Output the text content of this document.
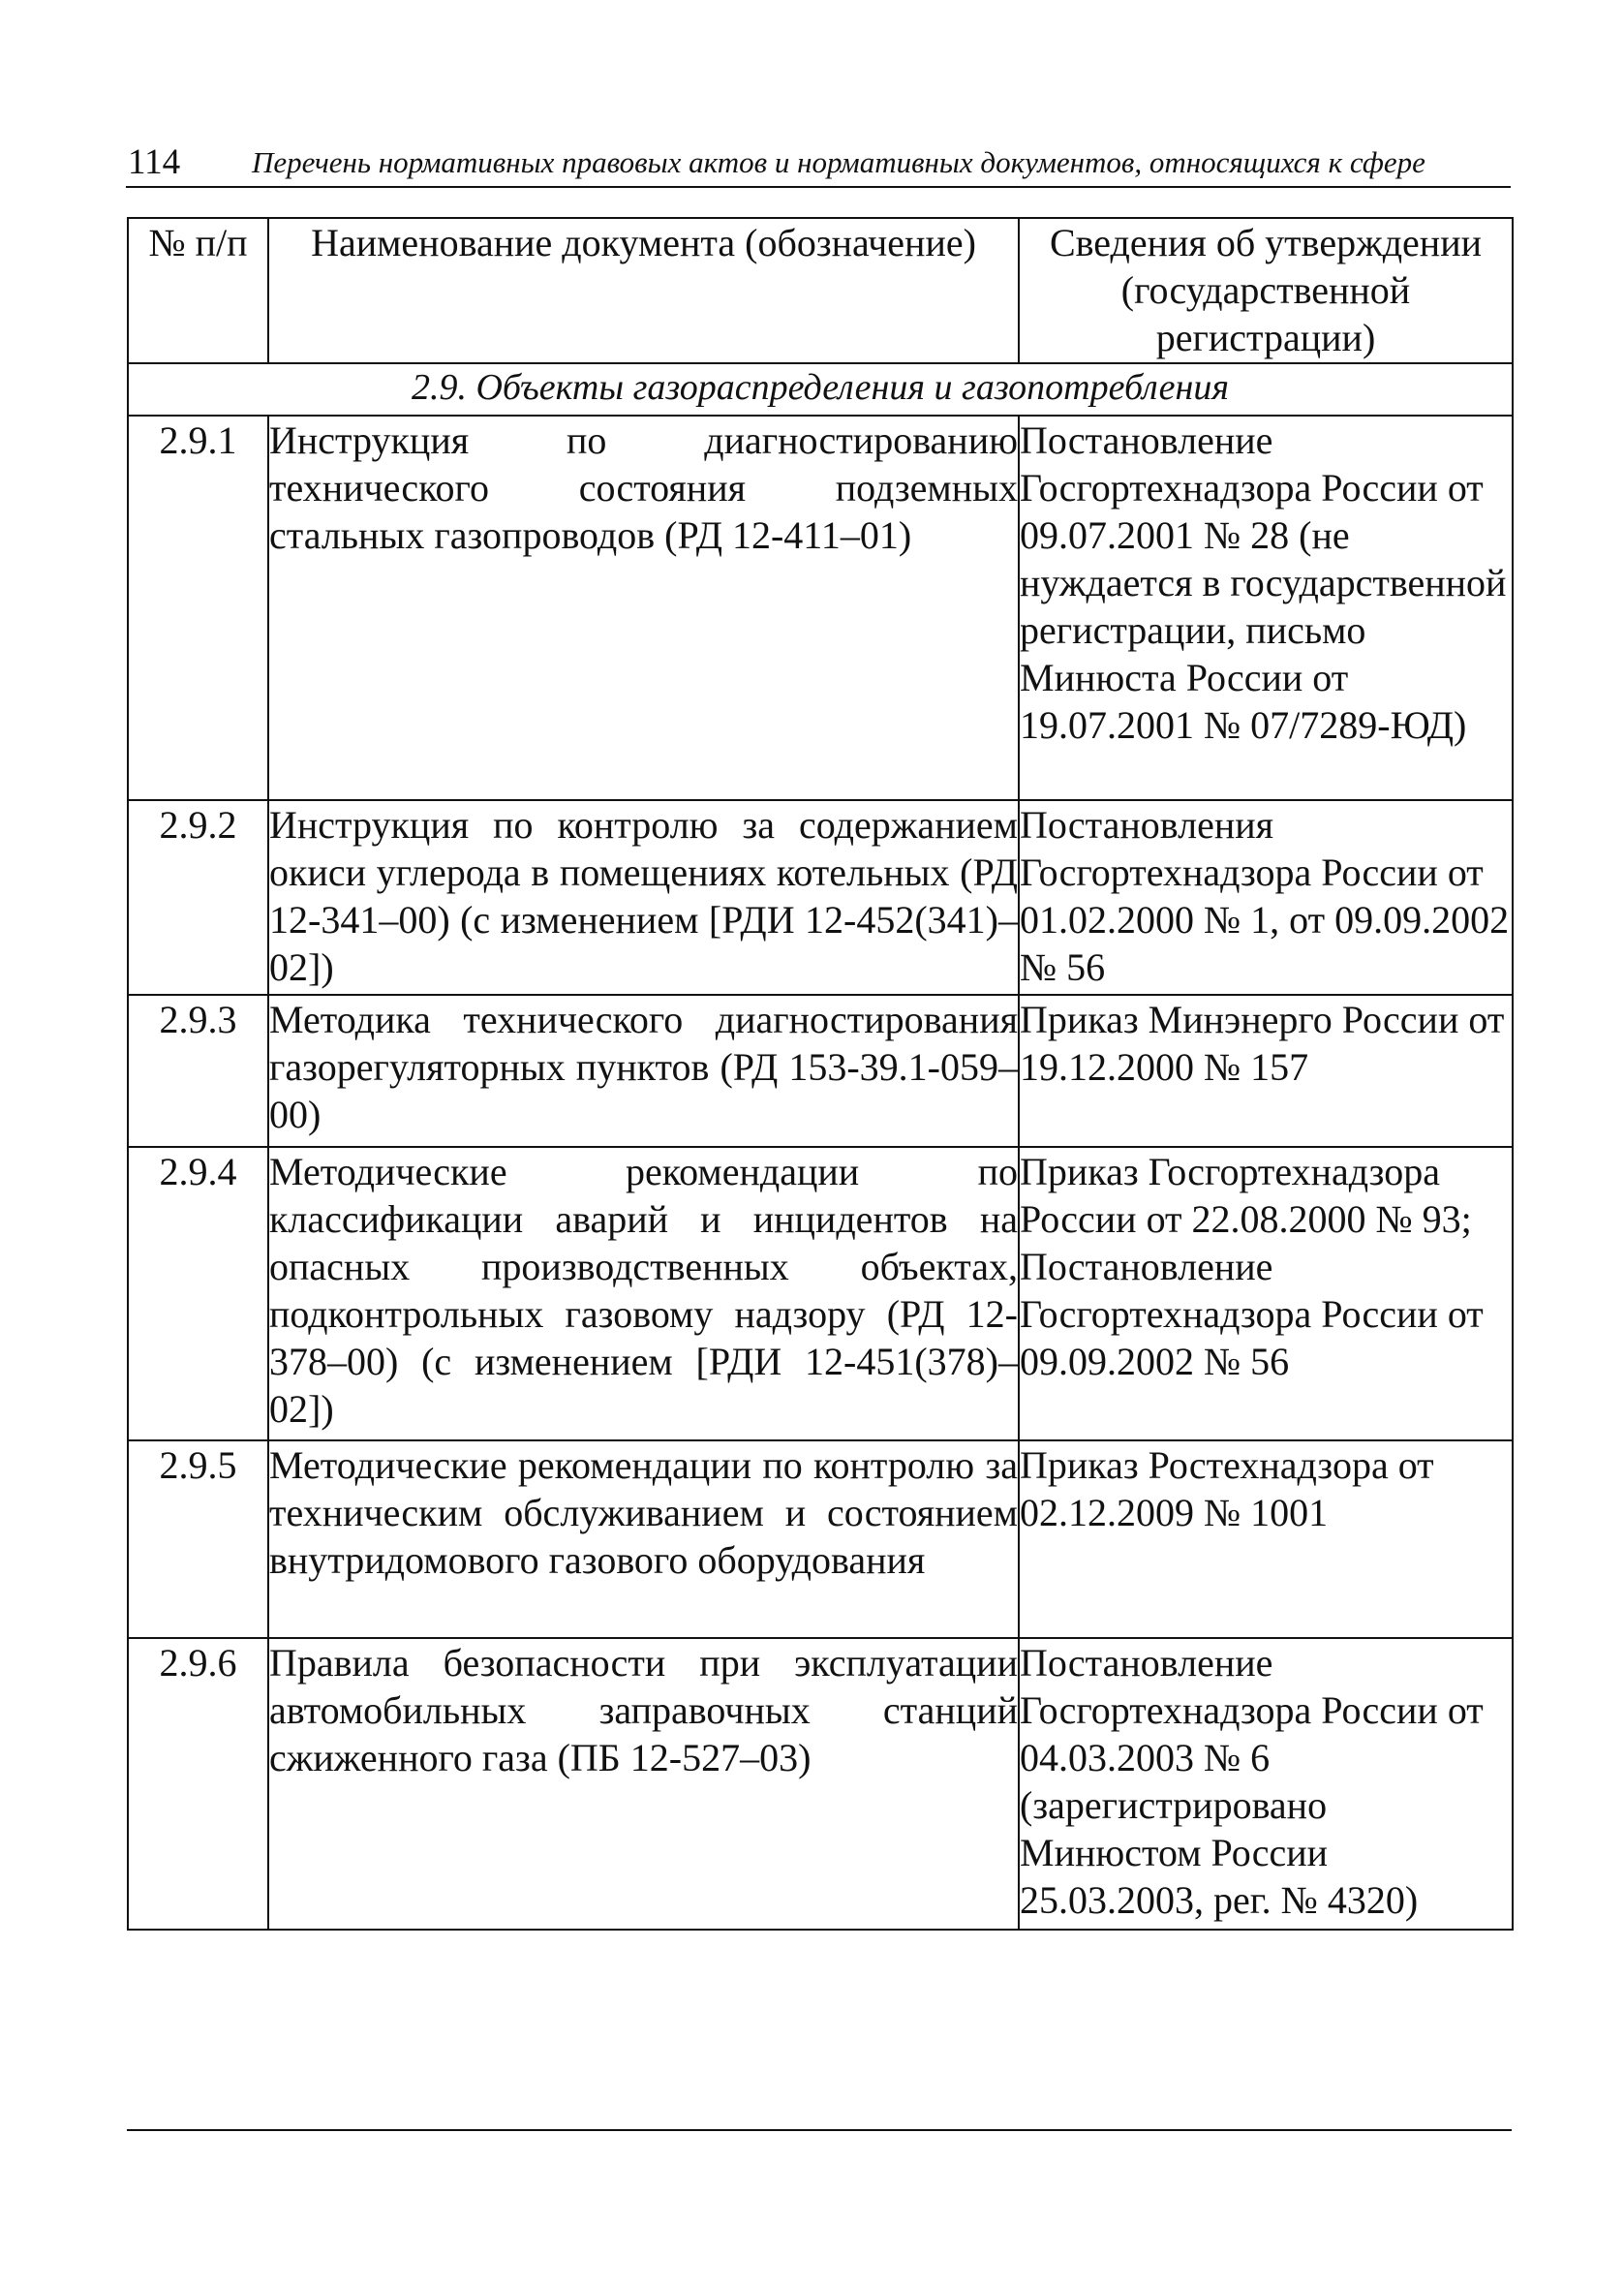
114 Перечень нормативных правовых актов и нормативных документов, относящихся к сфере
№ п/п	Наименование документа (обозначение)	Сведения об утверждении (государственной регистрации)
2.9. Объекты газораспределения и газопотребления		
2.9.1	Инструкция по диагностированию технического состояния подземных стальных газопроводов (РД 12-411–01)	Постановление Госгортехнадзора России от 09.07.2001 № 28 (не нуждается в государственной регистрации, письмо Минюста России от 19.07.2001 № 07/7289-ЮД)
2.9.2	Инструкция по контролю за содержанием окиси углерода в помещениях котельных (РД 12-341–00) (с изменением [РДИ 12-452(341)–02])	Постановления Госгортехнадзора России от 01.02.2000 № 1, от 09.09.2002 № 56
2.9.3	Методика технического диагностирования газорегуляторных пунктов (РД 153-39.1-059–00)	Приказ Минэнерго России от 19.12.2000 № 157
2.9.4	Методические рекомендации по классификации аварий и инцидентов на опасных производственных объектах, подконтрольных газовому надзору (РД 12-378–00) (с изменением [РДИ 12-451(378)–02])	Приказ Госгортехнадзора России от 22.08.2000 № 93; Постановление Госгортехнадзора России от 09.09.2002 № 56
2.9.5	Методические рекомендации по контролю за техническим обслуживанием и состоянием внутридомового газового оборудования	Приказ Ростехнадзора от 02.12.2009 № 1001
2.9.6	Правила безопасности при эксплуатации автомобильных заправочных станций сжиженного газа (ПБ 12-527–03)	Постановление Госгортехнадзора России от 04.03.2003 № 6 (зарегистрировано Минюстом России 25.03.2003, рег. № 4320)
